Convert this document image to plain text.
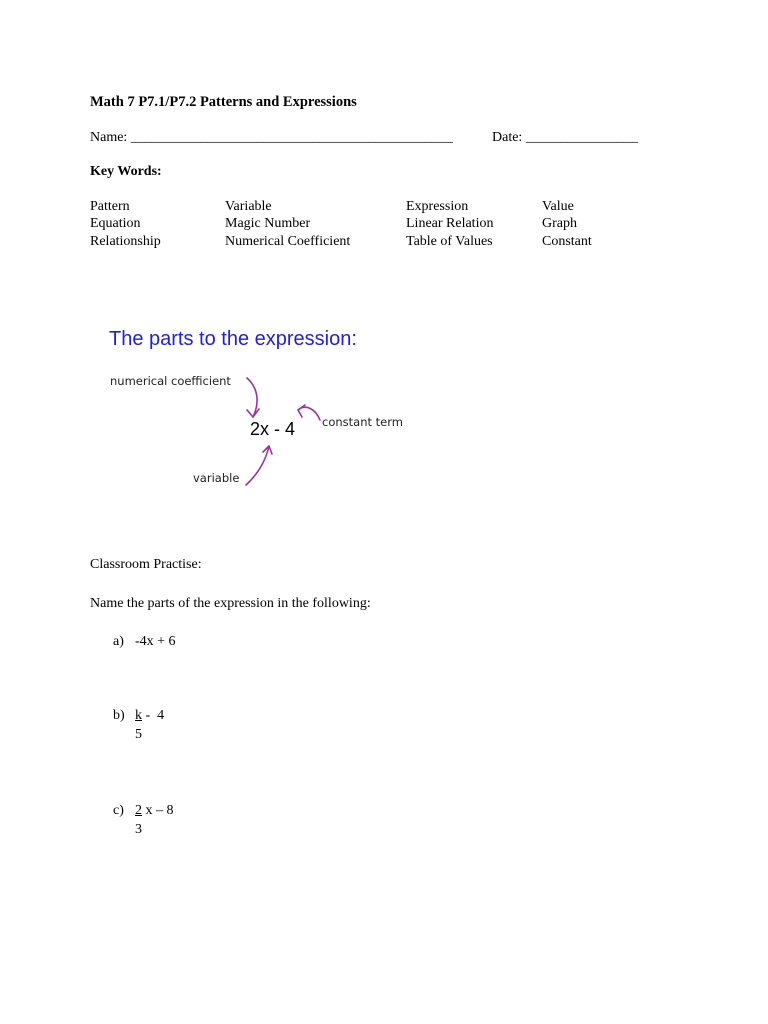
Math 7 P7.1/P7.2 Patterns and Expressions
Name: ______________________________________________	Date: ________________
Key Words:
Pattern	Variable	Expression	Value
Equation	Magic Number	Linear Relation	Graph
Relationship	Numerical Coefficient	Table of Values	Constant
The parts to the expression:
numerical coefficient
constant term
variable
2x - 4
Classroom Practise:
Name the parts of the expression in the following:
a) -4x + 6
b) k -  4
5
c) 2 x – 8
3
